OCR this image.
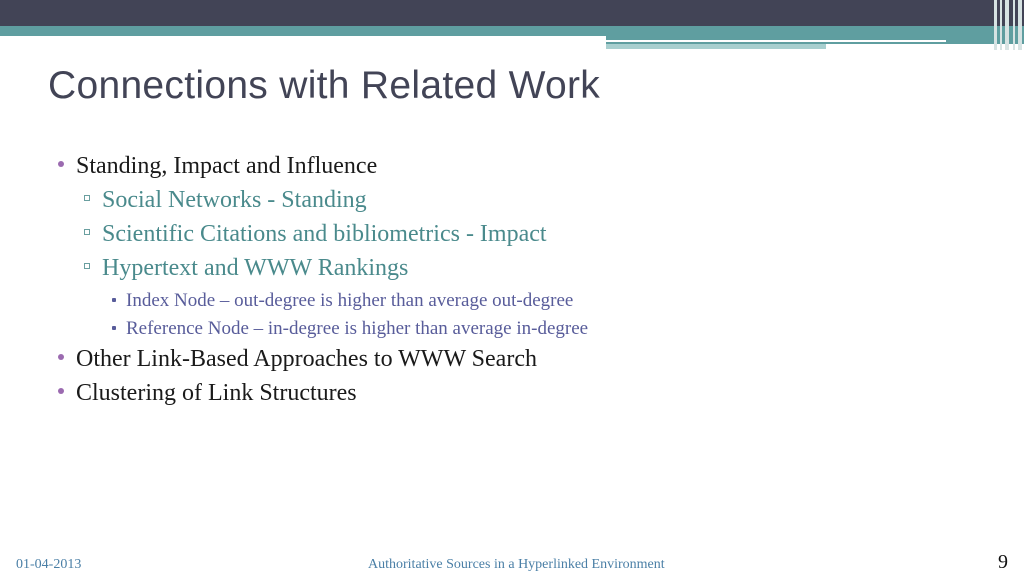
Connections with Related Work
Standing, Impact and Influence
Social Networks - Standing
Scientific Citations and bibliometrics - Impact
Hypertext and WWW Rankings
Index Node – out-degree is higher than average out-degree
Reference Node – in-degree is higher than average in-degree
Other Link-Based Approaches to WWW Search
Clustering of Link Structures
01-04-2013	Authoritative Sources in a Hyperlinked Environment	9
